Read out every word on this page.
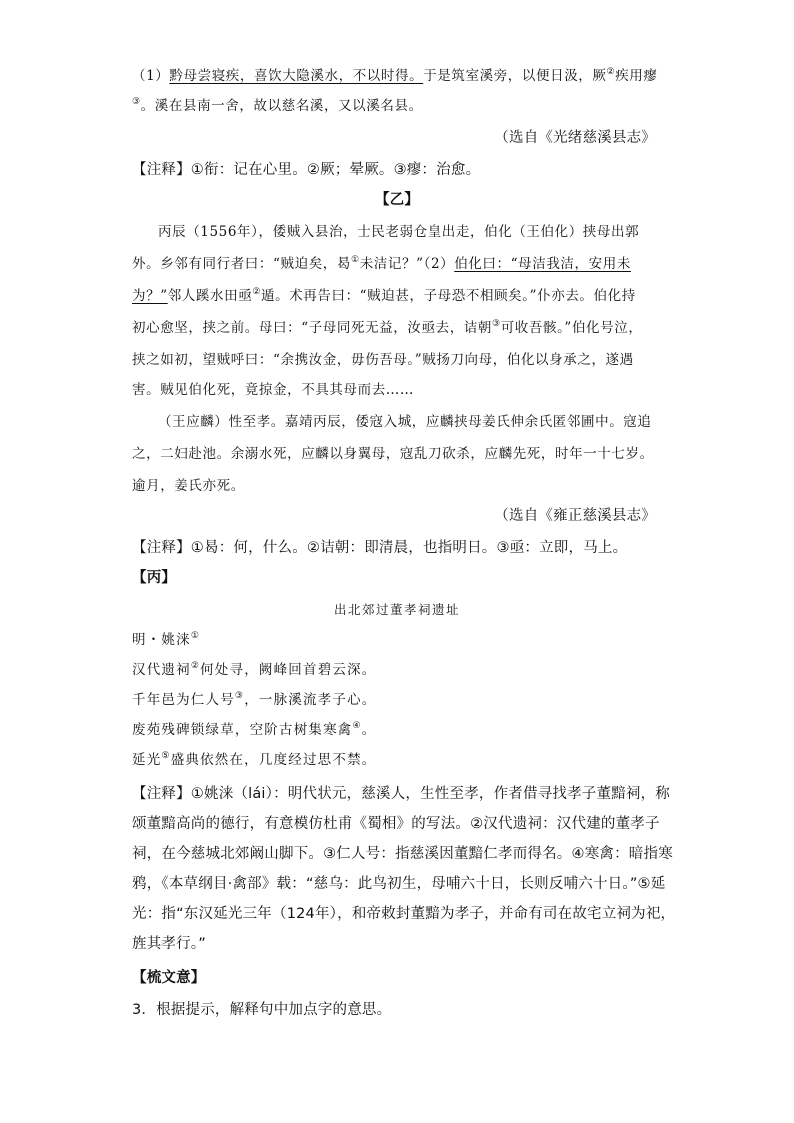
（1）黔母尝寝疾，喜饮大隐溪水，不以时得。于是筑室溪旁，以便日汲，厥②疾用瘳
③。溪在县南一舍，故以慈名溪，又以溪名县。
（选自《光绪慈溪县志》
【注释】①衔：记在心里。②厥；晕厥。③瘳：治愈。
【乙】
丙辰（1556年），倭贼入县治，士民老弱仓皇出走，伯化（王伯化）挟母出郭
外。乡邻有同行者曰：“贼迫矣，曷①未洁记？”（2）伯化曰：“母洁我洁，安用未
为？”邻人蹊水田亟②遁。术再告曰：“贼迫甚，子母恐不相顾矣。”仆亦去。伯化持
初心愈坚，挟之前。母曰：“子母同死无益，汝亟去，诘朝③可收吾骸。”伯化号泣，
挟之如初，望贼呼曰：“余携汝金，毋伤吾母。”贼扬刀向母，伯化以身承之，遂遇
害。贼见伯化死，竟掠金，不具其母而去……
（王应麟）性至孝。嘉靖丙辰，倭寇入城，应麟挟母姜氏伸余氏匿邻圃中。寇追
之，二妇赴池。余溺水死，应麟以身翼母，寇乱刀砍杀，应麟先死，时年一十七岁。
逾月，姜氏亦死。
（选自《雍正慈溪县志》
【注释】①曷：何，什么。②诘朝：即清晨，也指明日。③亟：立即，马上。
【丙】
出北郊过董孝祠遗址
明・姚涞①
汉代遗祠②何处寻，阙峰回首碧云深。
千年邑为仁人号③，一脉溪流孝子心。
废苑残碑锁绿草，空阶古树集寒禽④。
延光⑤盛典依然在，几度经过思不禁。
【注释】①姚涞（lái）：明代状元，慈溪人，生性至孝，作者借寻找孝子董黯祠，称
颂董黯高尚的德行，有意模仿杜甫《蜀相》的写法。②汉代遗祠：汉代建的董孝子
祠，在今慈城北郊阚山脚下。③仁人号：指慈溪因董黯仁孝而得名。④寒禽：暗指寒
鸦，《本草纲目·禽部》载：“慈乌：此鸟初生，母哺六十日，长则反哺六十日。”⑤延
光：指“东汉延光三年（124年），和帝敕封董黯为孝子，并命有司在故宅立祠为祀，
旌其孝行。”
【梳文意】
3．根据提示，解释句中加点字的意思。
